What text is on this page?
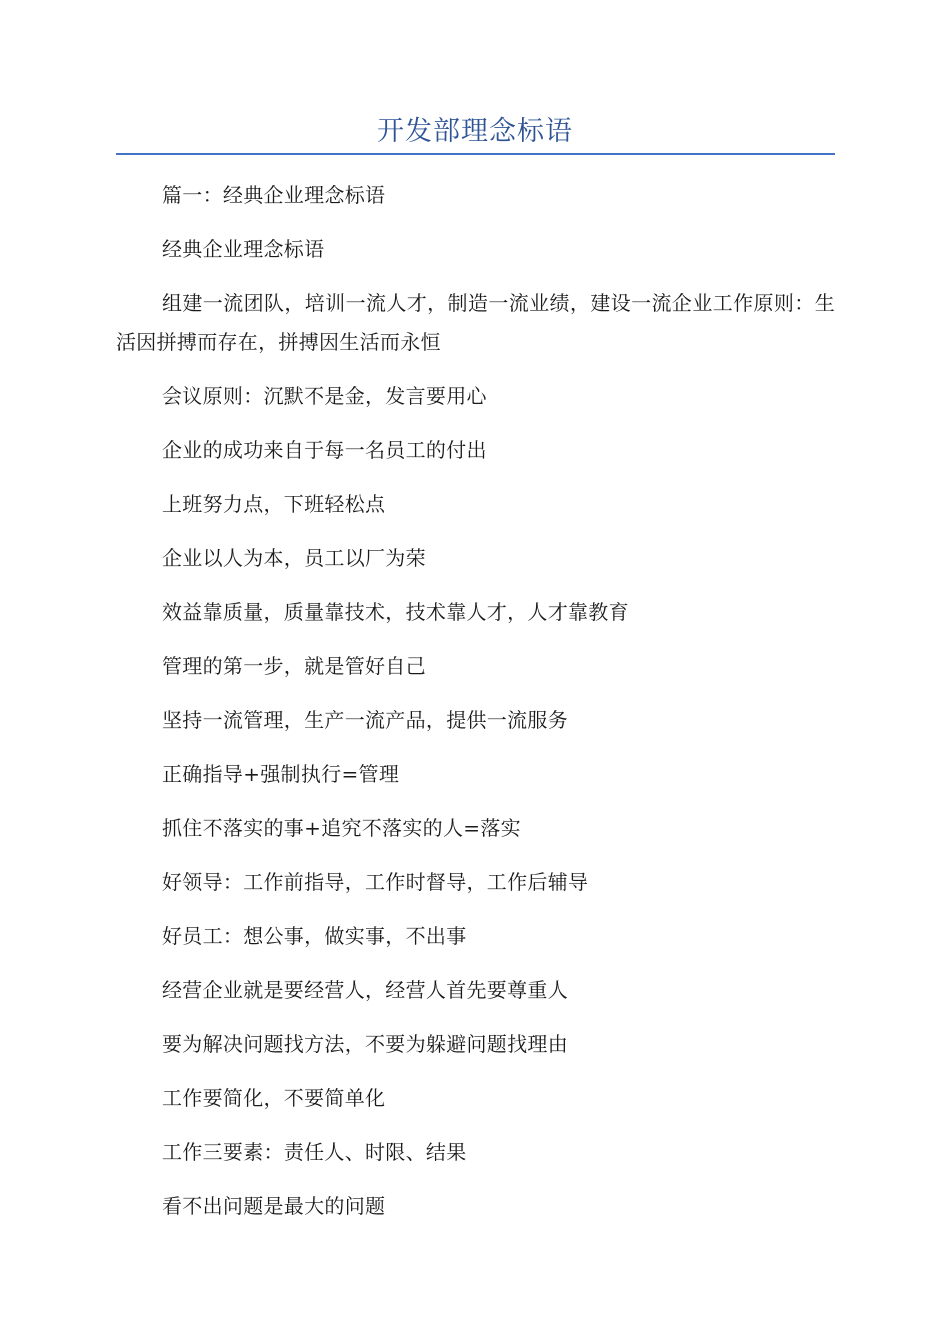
开发部理念标语

篇一：经典企业理念标语

经典企业理念标语

组建一流团队，培训一流人才，制造一流业绩，建设一流企业工作原则：生活因拼搏而存在，拼搏因生活而永恒

会议原则：沉默不是金，发言要用心

企业的成功来自于每一名员工的付出

上班努力点，下班轻松点

企业以人为本，员工以厂为荣

效益靠质量，质量靠技术，技术靠人才，人才靠教育

管理的第一步，就是管好自己

坚持一流管理，生产一流产品，提供一流服务

正确指导+强制执行=管理

抓住不落实的事+追究不落实的人=落实

好领导：工作前指导，工作时督导，工作后辅导

好员工：想公事，做实事，不出事

经营企业就是要经营人，经营人首先要尊重人

要为解决问题找方法，不要为躲避问题找理由

工作要简化，不要简单化

工作三要素：责任人、时限、结果

看不出问题是最大的问题
